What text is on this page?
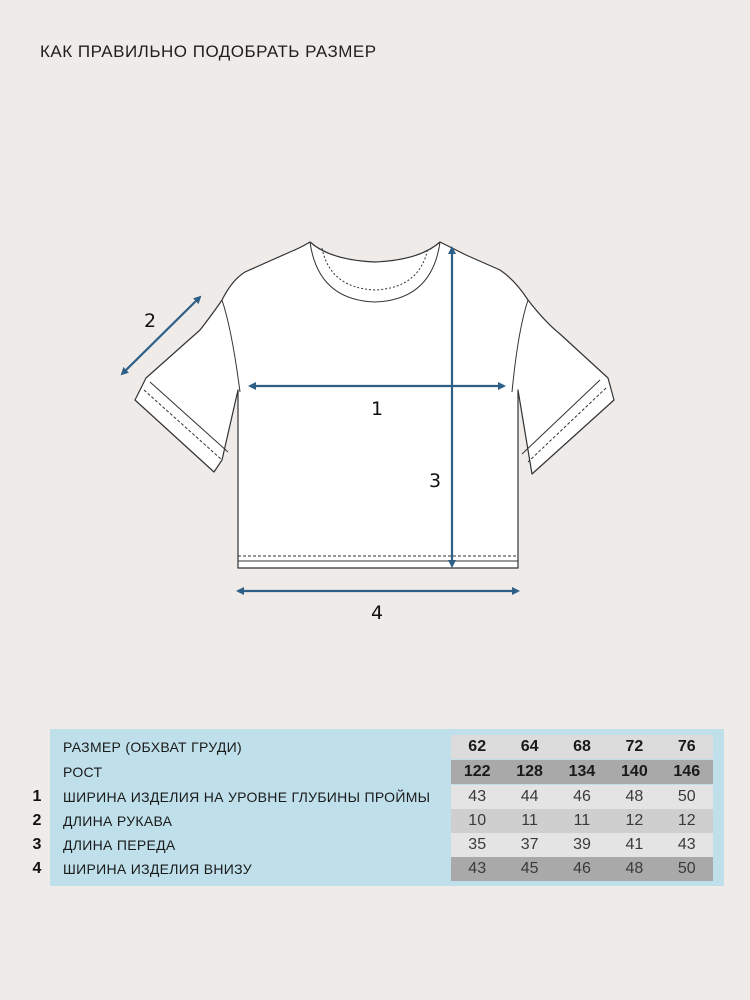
КАК ПРАВИЛЬНО ПОДОБРАТЬ РАЗМЕР
1
2
3
4
1
2
3
4
РАЗМЕР (ОБХВАТ ГРУДИ)	62	64	68	72	76
РОСТ	122	128	134	140	146
ШИРИНА ИЗДЕЛИЯ НА УРОВНЕ ГЛУБИНЫ ПРОЙМЫ	43	44	46	48	50
ДЛИНА РУКАВА	10	11	11	12	12
ДЛИНА ПЕРЕДА	35	37	39	41	43
ШИРИНА ИЗДЕЛИЯ ВНИЗУ	43	45	46	48	50
